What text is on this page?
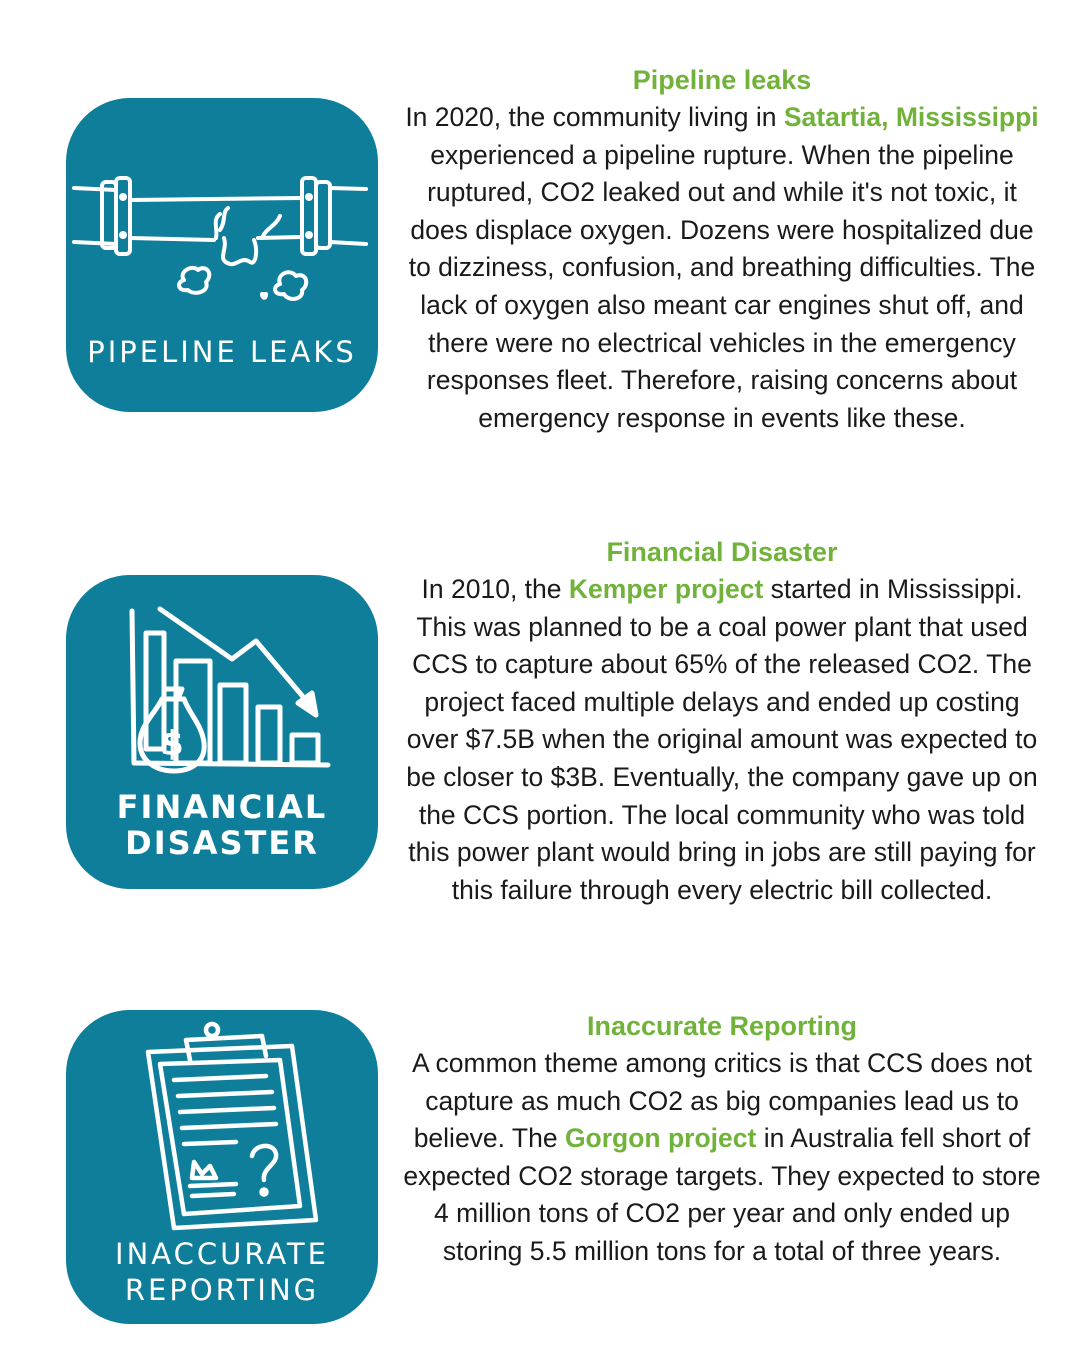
PIPELINE LEAKS
Pipeline leaks

In 2020, the community living in Satartia, Mississippi experienced a pipeline rupture. When the pipeline ruptured, CO2 leaked out and while it's not toxic, it does displace oxygen. Dozens were hospitalized due to dizziness, confusion, and breathing difficulties. The lack of oxygen also meant car engines shut off, and there were no electrical vehicles in the emergency responses fleet. Therefore, raising concerns about emergency response in events like these.

$
FINANCIAL
DISASTER
Financial Disaster

In 2010, the Kemper project started in Mississippi. This was planned to be a coal power plant that used CCS to capture about 65% of the released CO2. The project faced multiple delays and ended up costing over $7.5B when the original amount was expected to be closer to $3B. Eventually, the company gave up on the CCS portion. The local community who was told this power plant would bring in jobs are still paying for this failure through every electric bill collected.

INACCURATE
REPORTING
Inaccurate Reporting

A common theme among critics is that CCS does not capture as much CO2 as big companies lead us to believe. The Gorgon project in Australia fell short of expected CO2 storage targets. They expected to store 4 million tons of CO2 per year and only ended up storing 5.5 million tons for a total of three years.
